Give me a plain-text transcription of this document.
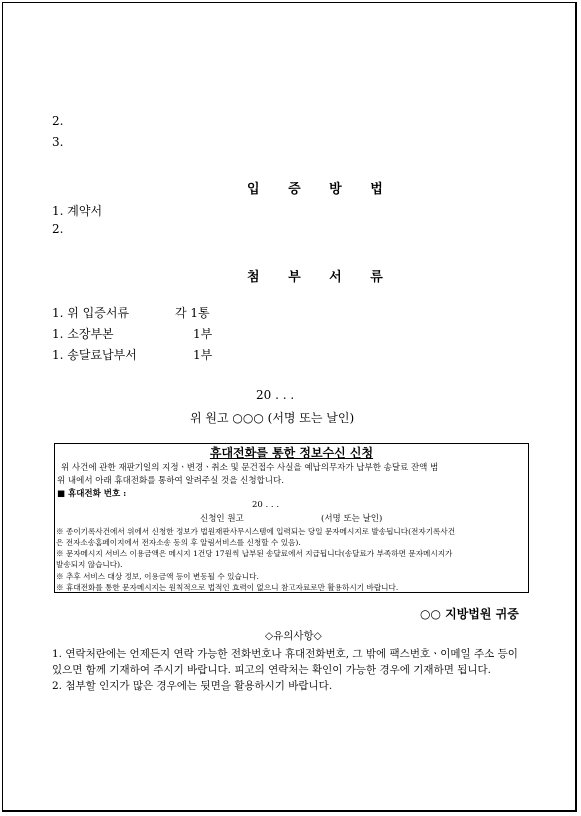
2.
3.
입 증 방 법
1. 계약서
2.
첨 부 서 류
1. 위 입증서류	각 1통
1. 소장부본	1부
1. 송달료납부서	1부
20 . . .
위 원고 ○○○ (서명 또는 날인)
휴대전화를 통한 정보수신 신청
위 사건에 관한 재판기일의 지정ㆍ변경ㆍ취소 및 문건접수 사실을 예납의무자가 납부한 송달료 잔액 범
위 내에서 아래 휴대전화를 통하여 알려주실 것을 신청합니다.
■ 휴대전화 번호 :
20 . . .
신청인 원고	(서명 또는 날인)
※ 종이기록사건에서 위에서 신청한 정보가 법원재판사무시스템에 입력되는 당일 문자메시지로 발송됩니다(전자기록사건
은 전자소송홈페이지에서 전자소송 동의 후 알림서비스를 신청할 수 있음).
※ 문자메시지 서비스 이용금액은 메시지 1건당 17원씩 납부된 송달료에서 지급됩니다(송달료가 부족하면 문자메시지가
발송되지 않습니다).
※ 추후 서비스 대상 정보, 이용금액 등이 변동될 수 있습니다.
※ 휴대전화를 통한 문자메시지는 원칙적으로 법적인 효력이 없으니 참고자료로만 활용하시기 바랍니다.
○○ 지방법원 귀중
◇유의사항◇
1. 연락처란에는 언제든지 연락 가능한 전화번호나 휴대전화번호, 그 밖에 팩스번호ㆍ이메일 주소 등이
있으면 함께 기재하여 주시기 바랍니다. 피고의 연락처는 확인이 가능한 경우에 기재하면 됩니다.
2. 첨부할 인지가 많은 경우에는 뒷면을 활용하시기 바랍니다.
